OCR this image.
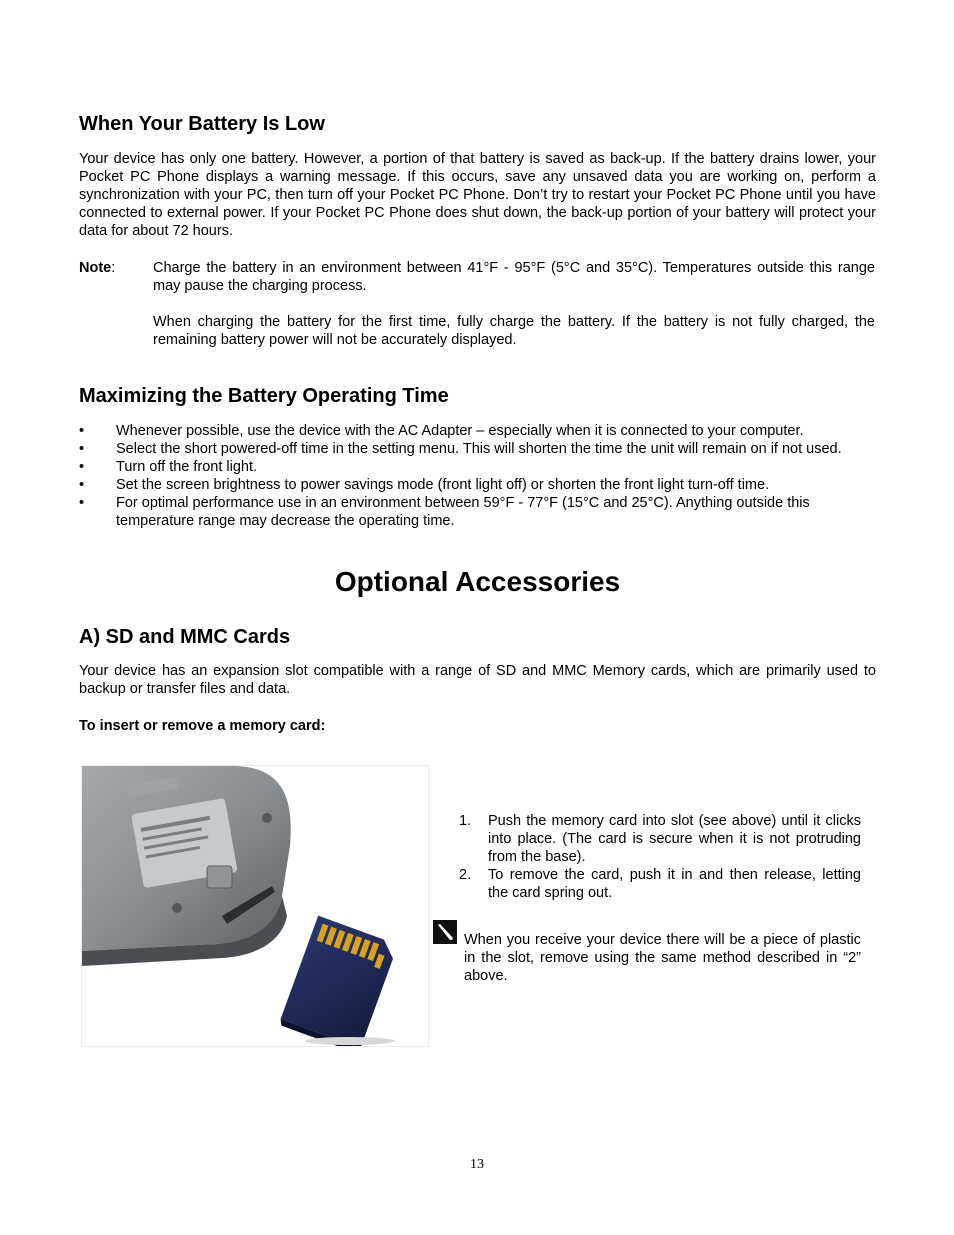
When Your Battery Is Low

Your device has only one battery. However, a portion of that battery is saved as back-up. If the battery drains lower, your Pocket PC Phone displays a warning message. If this occurs, save any unsaved data you are working on, perform a synchronization with your PC, then turn off your Pocket PC Phone. Don’t try to restart your Pocket PC Phone until you have connected to external power. If your Pocket PC Phone does shut down, the back-up portion of your battery will protect your data for about 72 hours.

Note:	Charge the battery in an environment between 41°F - 95°F (5°C and 35°C). Temperatures outside this range may pause the charging process.

When charging the battery for the first time, fully charge the battery. If the battery is not fully charged, the remaining battery power will not be accurately displayed.

Maximizing the Battery Operating Time
• Whenever possible, use the device with the AC Adapter – especially when it is connected to your computer.
• Select the short powered-off time in the setting menu. This will shorten the time the unit will remain on if not used.
• Turn off the front light.
• Set the screen brightness to power savings mode (front light off) or shorten the front light turn-off time.
• For optimal performance use in an environment between 59°F - 77°F (15°C and 25°C). Anything outside this temperature range may decrease the operating time.
Optional Accessories
A) SD and MMC Cards

Your device has an expansion slot compatible with a range of SD and MMC Memory cards, which are primarily used to backup or transfer files and data.

To insert or remove a memory card:
1. Push the memory card into slot (see above) until it clicks into place. (The card is secure when it is not protruding from the base).
2. To remove the card, push it in and then release, letting the card spring out.

When you receive your device there will be a piece of plastic in the slot, remove using the same method described in “2” above.

13
